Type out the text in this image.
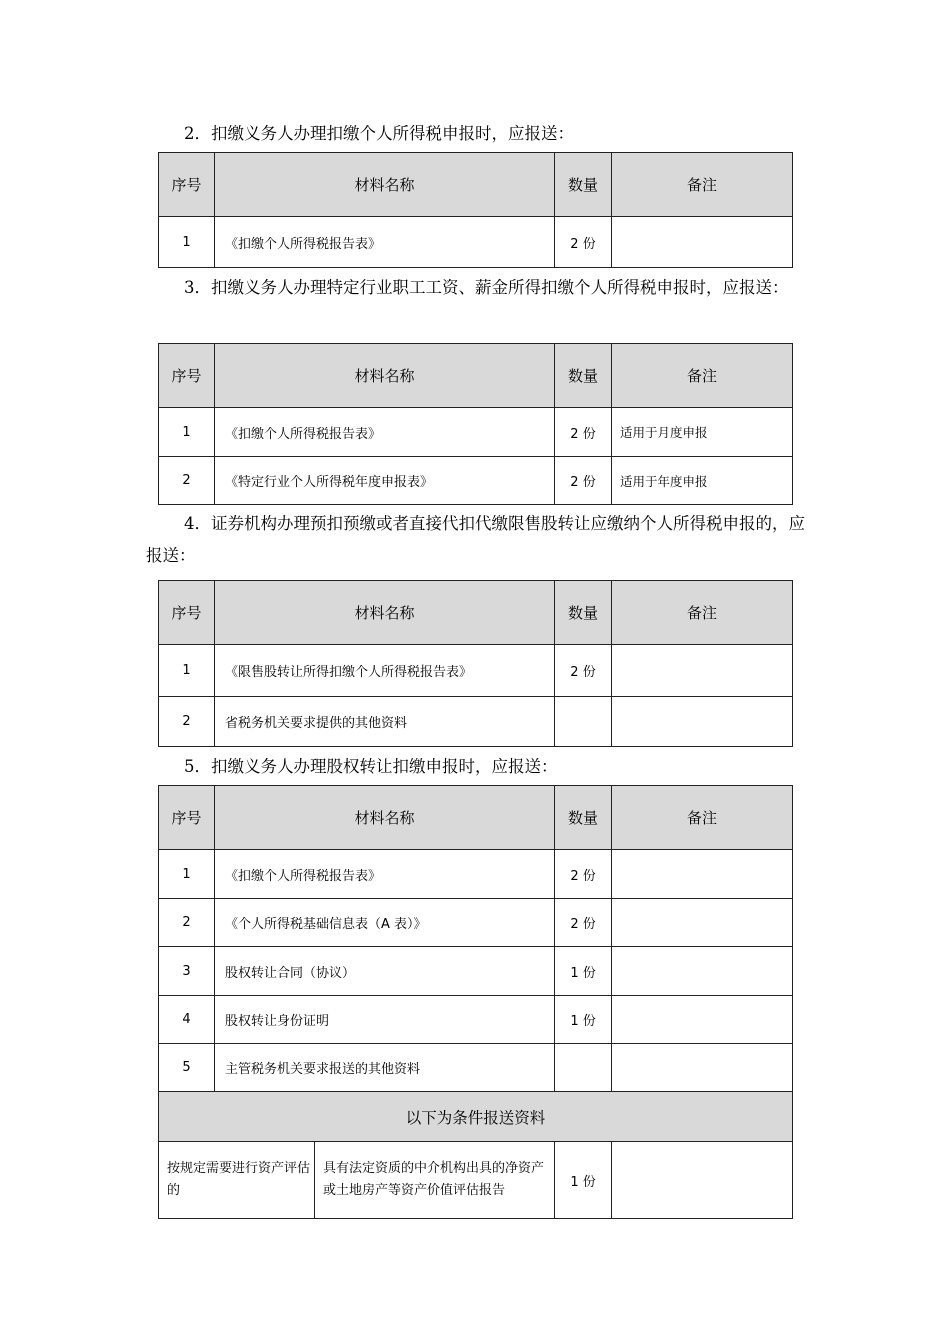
2．扣缴义务人办理扣缴个人所得税申报时，应报送：
序号	材料名称	数量	备注
1	《扣缴个人所得税报告表》	2 份	
3．扣缴义务人办理特定行业职工工资、薪金所得扣缴个人所得税申报时，应报送：
序号	材料名称	数量	备注
1	《扣缴个人所得税报告表》	2 份	适用于月度申报
2	《特定行业个人所得税年度申报表》	2 份	适用于年度申报
4．证券机构办理预扣预缴或者直接代扣代缴限售股转让应缴纳个人所得税申报的，应报送：
序号	材料名称	数量	备注
1	《限售股转让所得扣缴个人所得税报告表》	2 份	
2	省税务机关要求提供的其他资料		
5．扣缴义务人办理股权转让扣缴申报时，应报送：
序号	材料名称		数量	备注
1	《扣缴个人所得税报告表》		2 份	
2	《个人所得税基础信息表（A 表）》		2 份	
3	股权转让合同（协议）		1 份	
4	股权转让身份证明		1 份	
5	主管税务机关要求报送的其他资料			
以下为条件报送资料				
按规定需要进行资产评估的		具有法定资质的中介机构出具的净资产或土地房产等资产价值评估报告	1 份	
